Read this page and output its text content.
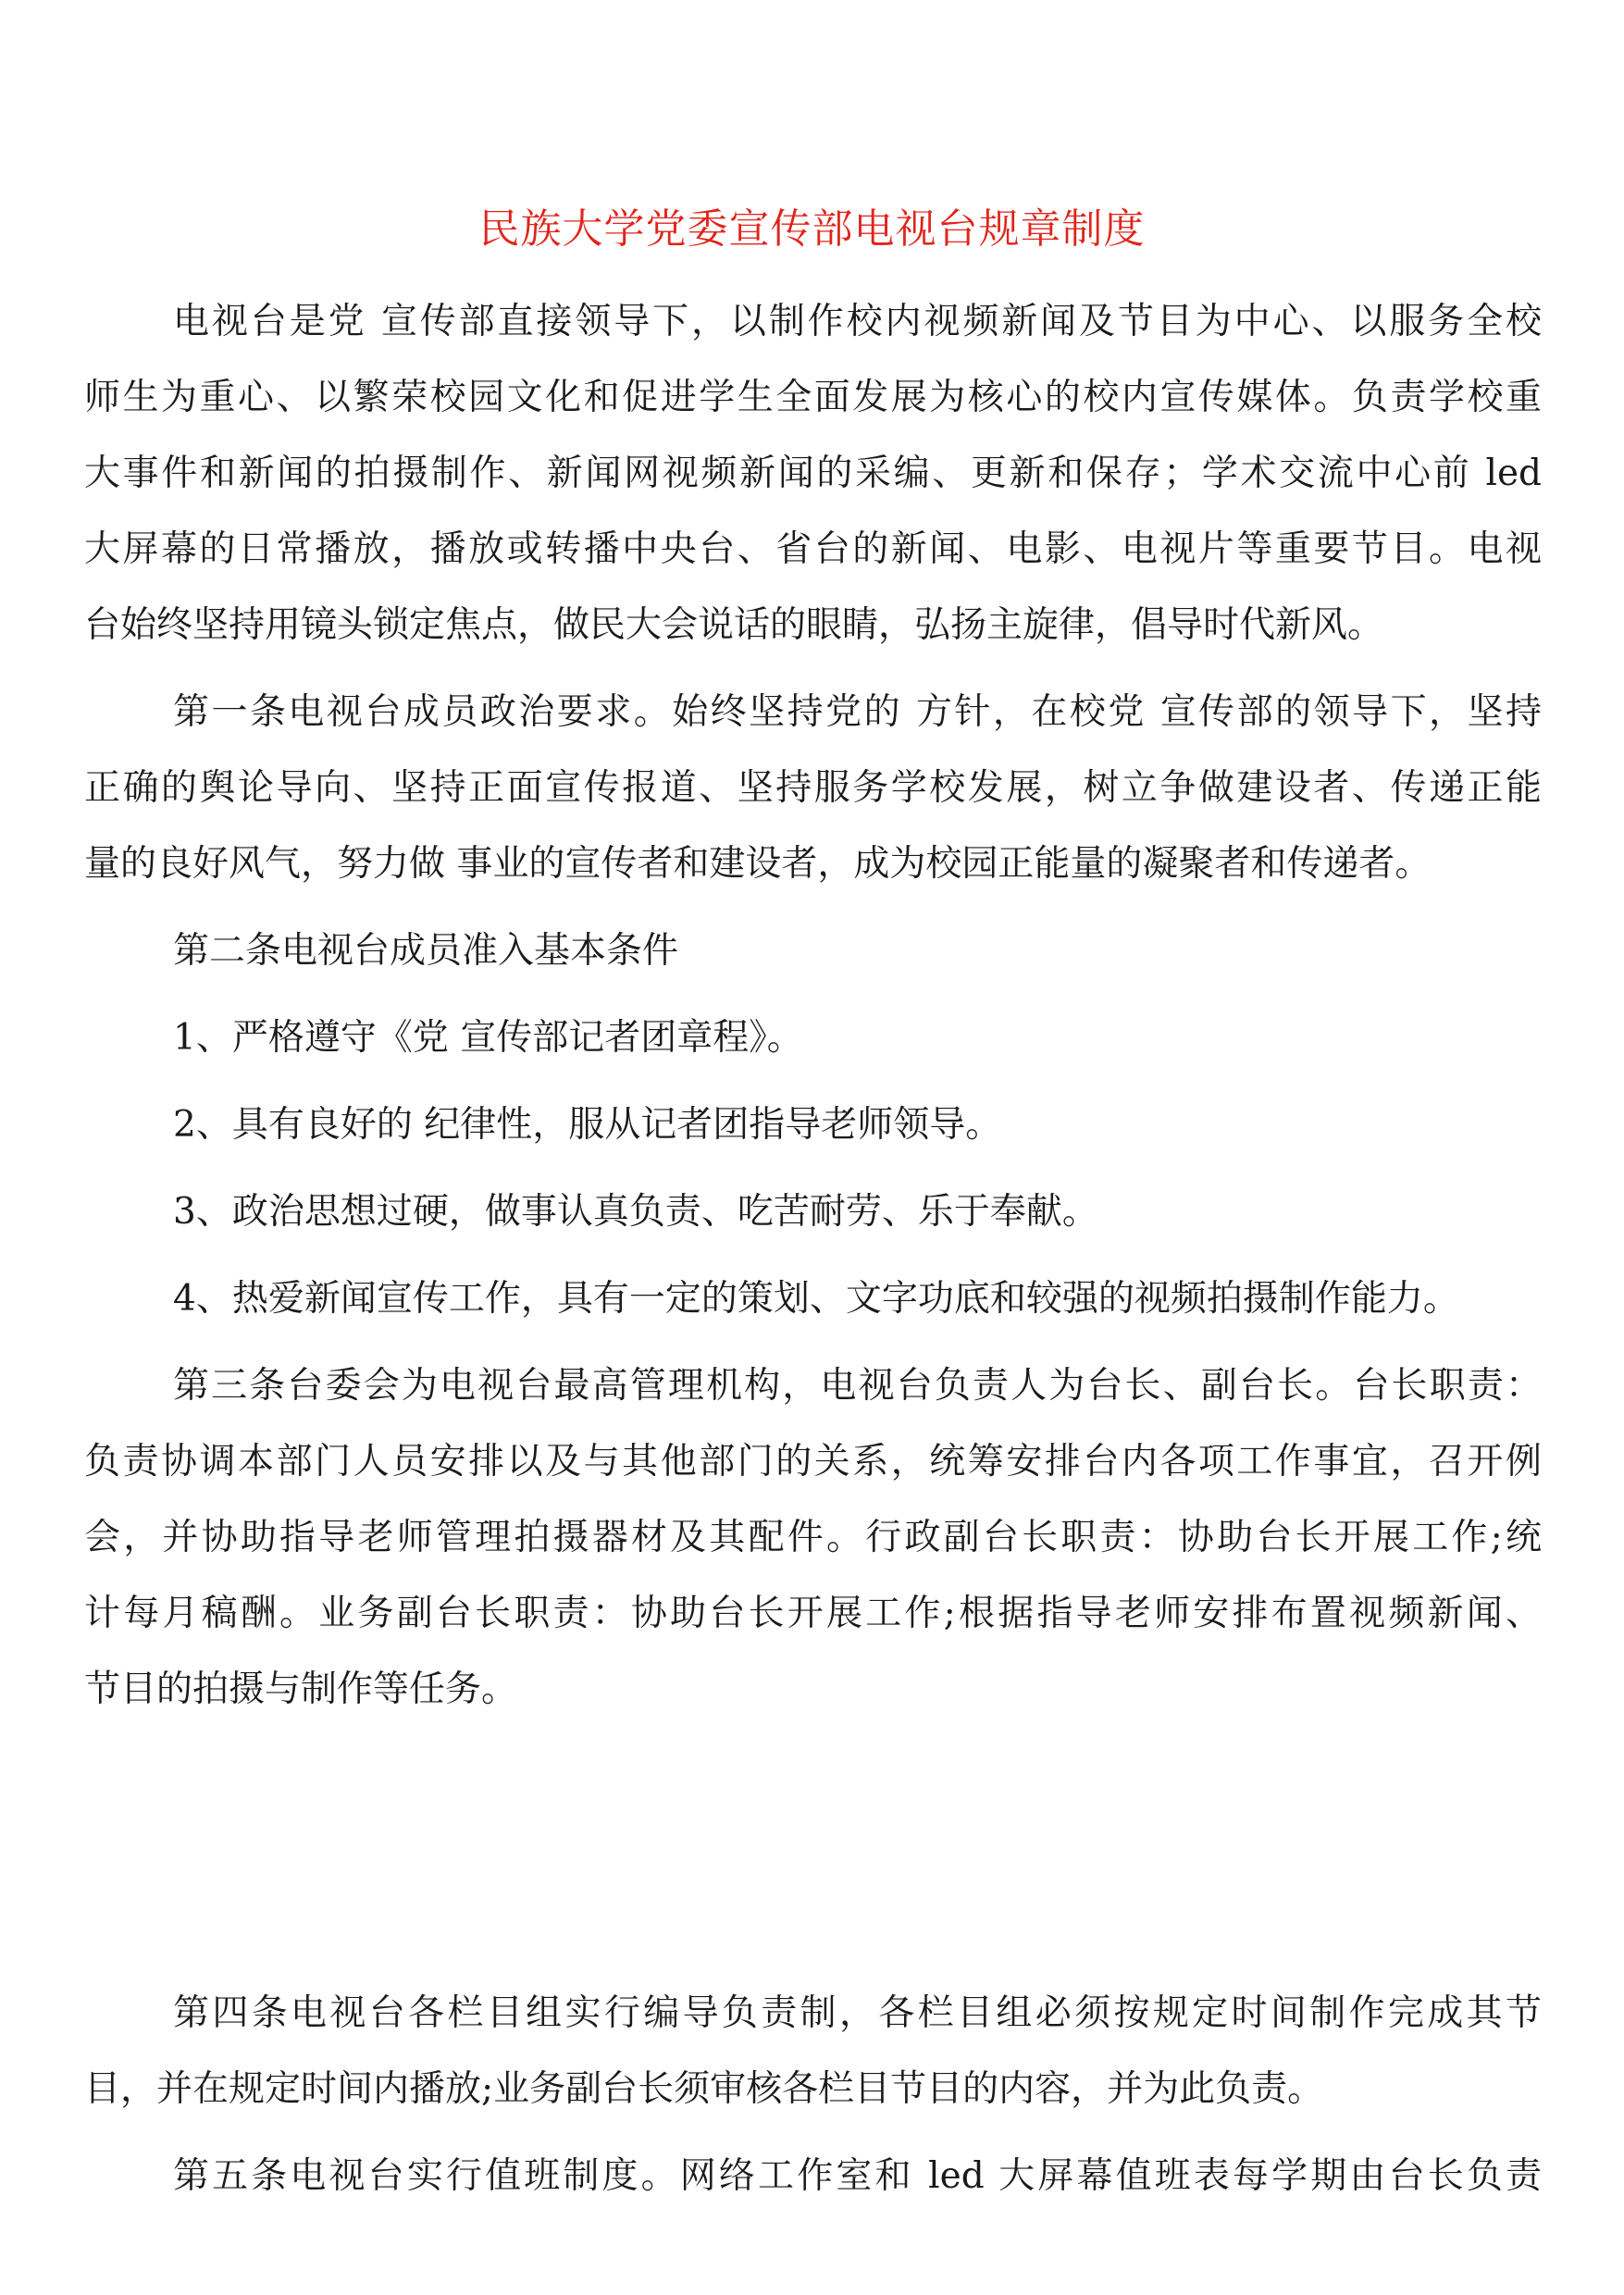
民族大学党委宣传部电视台规章制度
电视台是党 宣传部直接领导下，以制作校内视频新闻及节目为中心、以服务全校
师生为重心、以繁荣校园文化和促进学生全面发展为核心的校内宣传媒体。负责学校重
大事件和新闻的拍摄制作、新闻网视频新闻的采编、更新和保存；学术交流中心前 led
大屏幕的日常播放，播放或转播中央台、省台的新闻、电影、电视片等重要节目。电视
台始终坚持用镜头锁定焦点，做民大会说话的眼睛，弘扬主旋律，倡导时代新风。
第一条电视台成员政治要求。始终坚持党的 方针，在校党 宣传部的领导下，坚持
正确的舆论导向、坚持正面宣传报道、坚持服务学校发展，树立争做建设者、传递正能
量的良好风气，努力做 事业的宣传者和建设者，成为校园正能量的凝聚者和传递者。
第二条电视台成员准入基本条件
1、严格遵守《党 宣传部记者团章程》。
2、具有良好的 纪律性，服从记者团指导老师领导。
3、政治思想过硬，做事认真负责、吃苦耐劳、乐于奉献。
4、热爱新闻宣传工作，具有一定的策划、文字功底和较强的视频拍摄制作能力。
第三条台委会为电视台最高管理机构，电视台负责人为台长、副台长。台长职责：
负责协调本部门人员安排以及与其他部门的关系，统筹安排台内各项工作事宜，召开例
会，并协助指导老师管理拍摄器材及其配件。行政副台长职责：协助台长开展工作;统
计每月稿酬。业务副台长职责：协助台长开展工作;根据指导老师安排布置视频新闻、
节目的拍摄与制作等任务。
第四条电视台各栏目组实行编导负责制，各栏目组必须按规定时间制作完成其节
目，并在规定时间内播放;业务副台长须审核各栏目节目的内容，并为此负责。
第五条电视台实行值班制度。网络工作室和 led 大屏幕值班表每学期由台长负责
